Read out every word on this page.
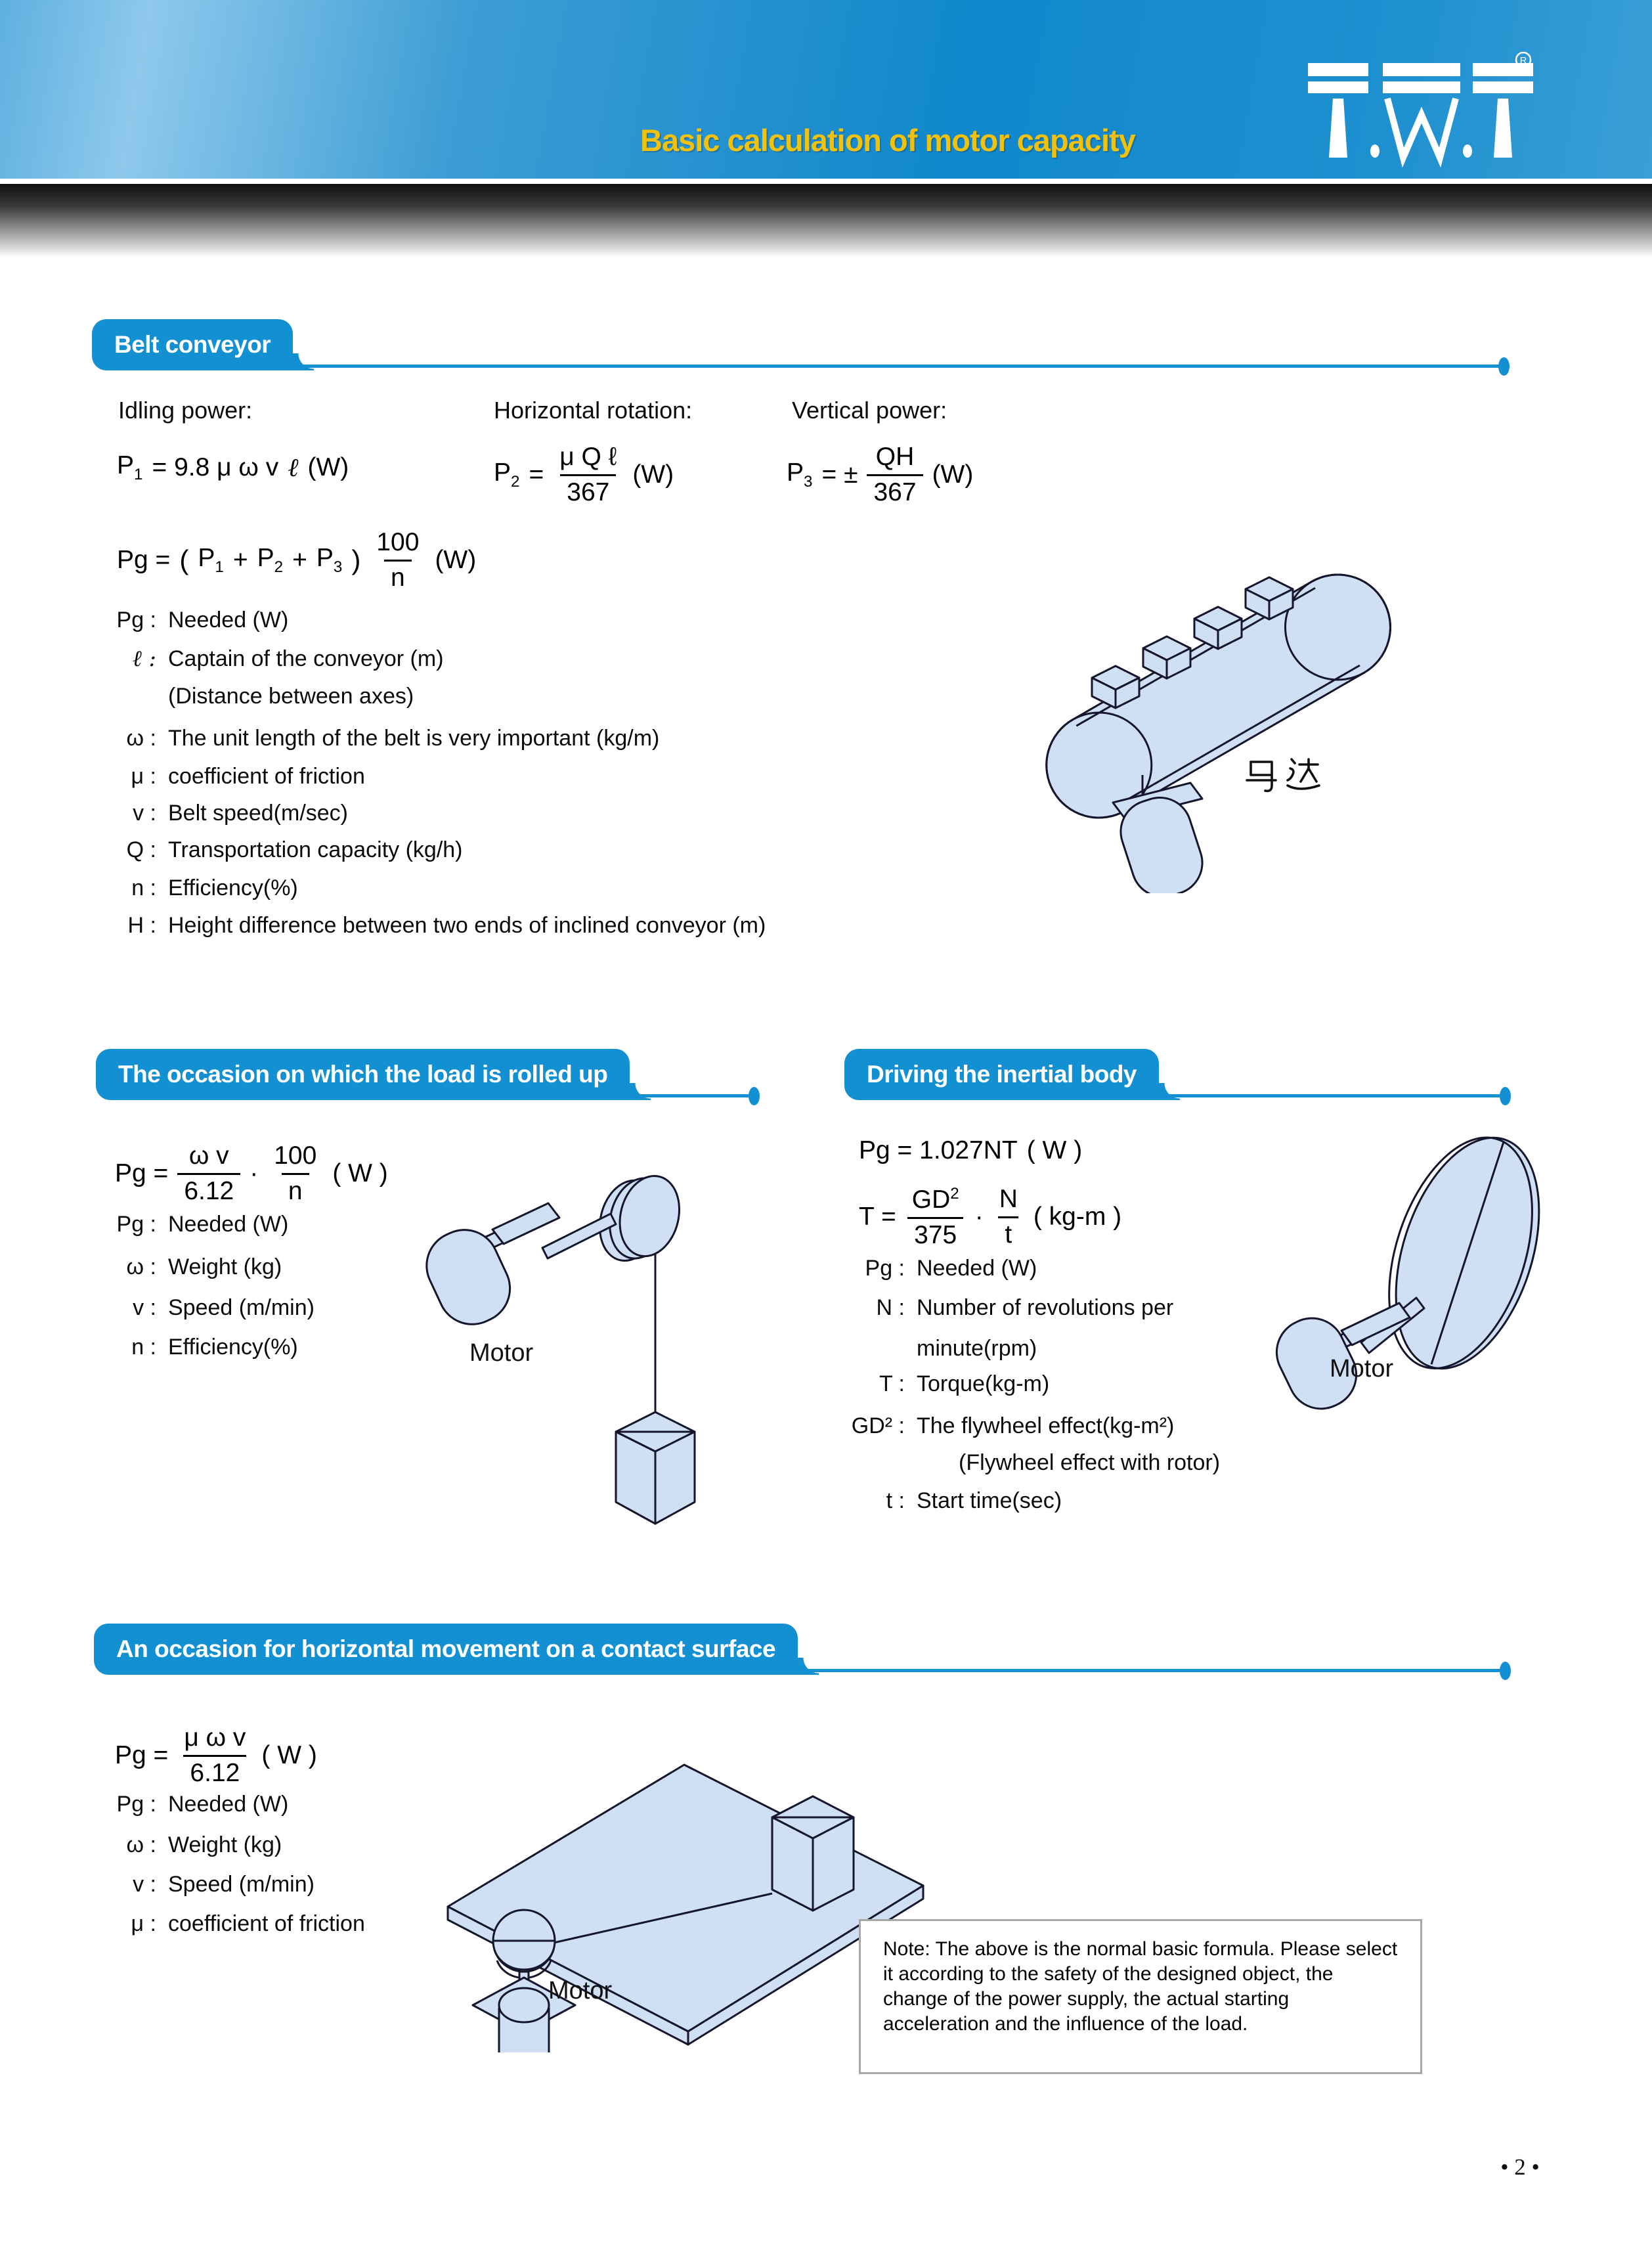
Basic calculation of motor capacity
R
Belt conveyor
Idling power:	Horizontal rotation:	Vertical power:
$P_1 = 9.8$ μ ω v ℓ (W)	$P_2 = \frac{\text{μ Q ℓ}}{367} (W)$	$P_3$ = ± $\frac{QH}{367} (W)$
Pg = ( $P_1 + P_2 + P_3$ ) $\frac{100}{n} (W)$
Pg : Needed (W)
ℓ : Captain of the conveyor (m)
(Distance between axes)
ω : The unit length of the belt is very important (kg/m)
μ : coefficient of friction
v : Belt speed(m/sec)
Q : Transportation capacity (kg/h)
n : Efficiency(%)
H : Height difference between two ends of inclined conveyor (m)
The occasion on which the load is rolled up
$Pg = \frac{\text{ω v}}{6.12} \cdot \frac{100}{n}$ ( W )
Pg : Needed (W)
ω : Weight (kg)
v : Speed (m/min)
n : Efficiency(%)	Motor
Driving the inertial body
Pg = 1.027NT ( W )
$T = \frac{GD^2}{375} \cdot \frac{N}{t}$ ( kg-m )
Pg : Needed (W)
N : Number of revolutions per
minute(rpm)
T : Torque(kg-m)
GD² : The flywheel effect(kg-m²)
(Flywheel effect with rotor)
t : Start time(sec)
Motor
An occasion for horizontal movement on a contact surface
$Pg = \frac{\text{μ ω v}}{6.12}$ ( W )
Pg : Needed (W)
ω : Weight (kg)
v : Speed (m/min)
μ : coefficient of friction
Motor
Note: The above is the normal basic formula. Please select it according to the safety of the designed object, the change of the power supply, the actual starting acceleration and the influence of the load.
• 2 •
